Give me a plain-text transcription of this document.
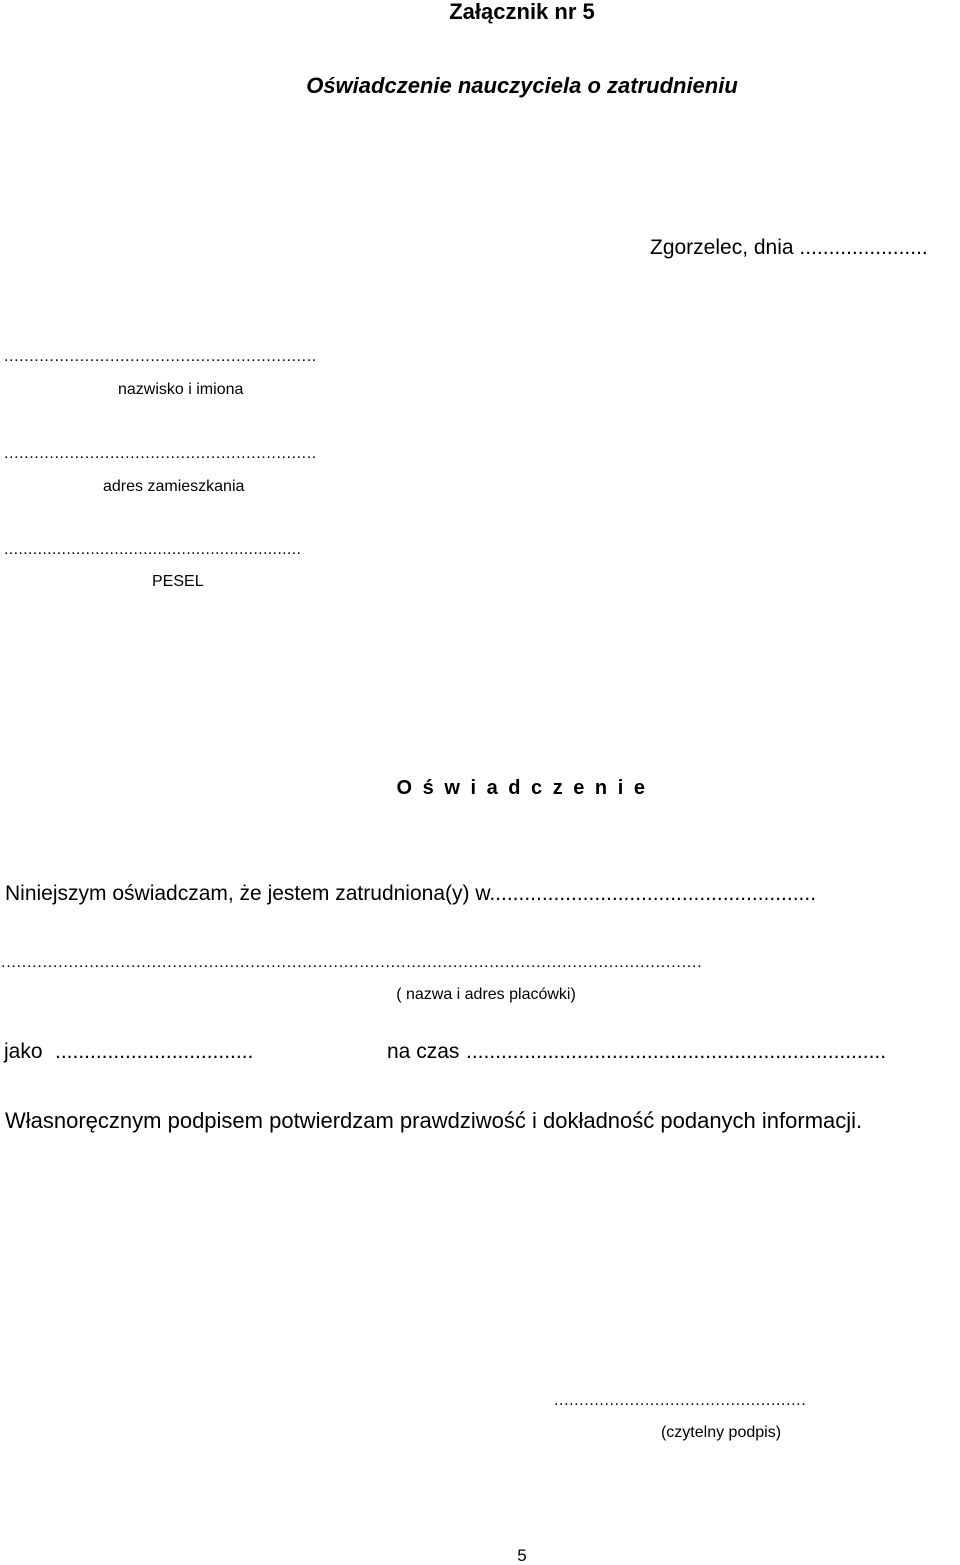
Załącznik nr 5

Oświadczenie nauczyciela o zatrudnieniu

Zgorzelec, dnia ......................

..............................................................

nazwisko i imiona

..............................................................

adres zamieszkania

..............................................................

PESEL

O ś w i a d c z e n i e

Niniejszym oświadczam, że jestem zatrudniona(y) w........................................................

.......................................................................................................................................

( nazwa i adres placówki)

jako ..................................	na czas ........................................................................

Własnoręcznym podpisem potwierdzam prawdziwość i dokładność podanych informacji.

..................................................

(czytelny podpis)

5
